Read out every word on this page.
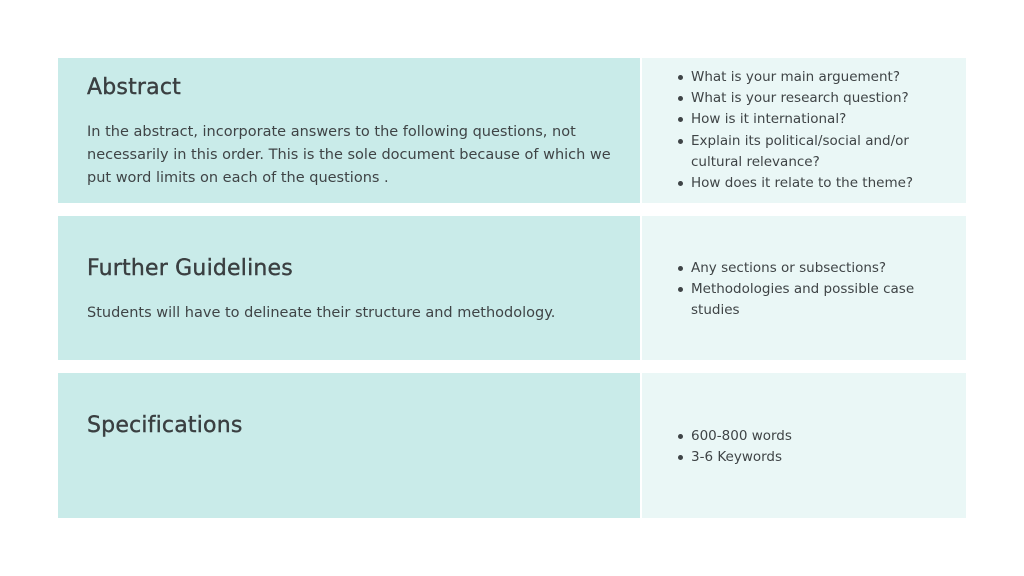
Abstract

In the abstract, incorporate answers to the following questions, not necessarily in this order. This is the sole document because of which we put word limits on each of the questions .

What is your main arguement?
What is your research question?
How is it international?
Explain its political/social and/or cultural relevance?
How does it relate to the theme?
Further Guidelines

Students will have to delineate their structure and methodology.

Any sections or subsections?
Methodologies and possible case studies
Specifications	600-800 words
3-6 Keywords
